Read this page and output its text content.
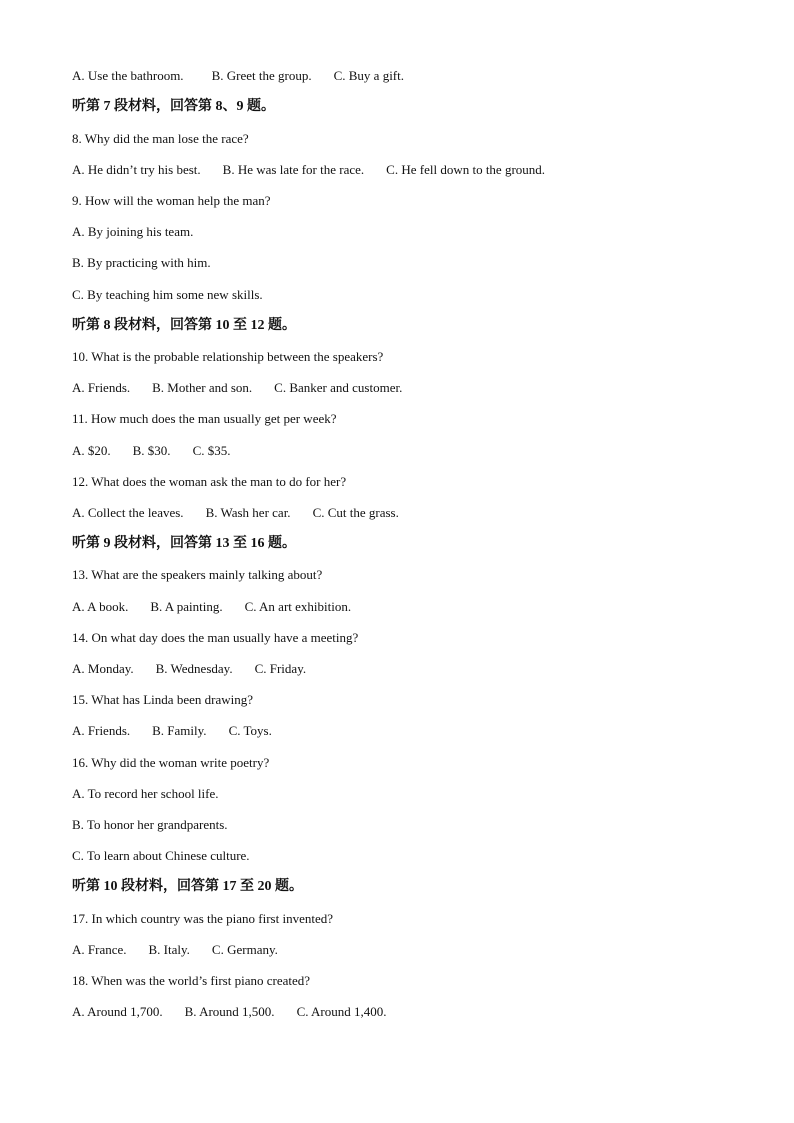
A. Use the bathroom. B. Greet the group. C. Buy a gift.
听第 7 段材料，回答第 8、9 题。
8. Why did the man lose the race?
A. He didn’t try his best. B. He was late for the race. C. He fell down to the ground.
9. How will the woman help the man?
A. By joining his team.
B. By practicing with him.
C. By teaching him some new skills.
听第 8 段材料，回答第 10 至 12 题。
10. What is the probable relationship between the speakers?
A. Friends. B. Mother and son. C. Banker and customer.
11. How much does the man usually get per week?
A. $20. B. $30. C. $35.
12. What does the woman ask the man to do for her?
A. Collect the leaves. B. Wash her car. C. Cut the grass.
听第 9 段材料，回答第 13 至 16 题。
13. What are the speakers mainly talking about?
A. A book. B. A painting. C. An art exhibition.
14. On what day does the man usually have a meeting?
A. Monday. B. Wednesday. C. Friday.
15. What has Linda been drawing?
A. Friends. B. Family. C. Toys.
16. Why did the woman write poetry?
A. To record her school life.
B. To honor her grandparents.
C. To learn about Chinese culture.
听第 10 段材料，回答第 17 至 20 题。
17. In which country was the piano first invented?
A. France. B. Italy. C. Germany.
18. When was the world’s first piano created?
A. Around 1,700. B. Around 1,500. C. Around 1,400.
